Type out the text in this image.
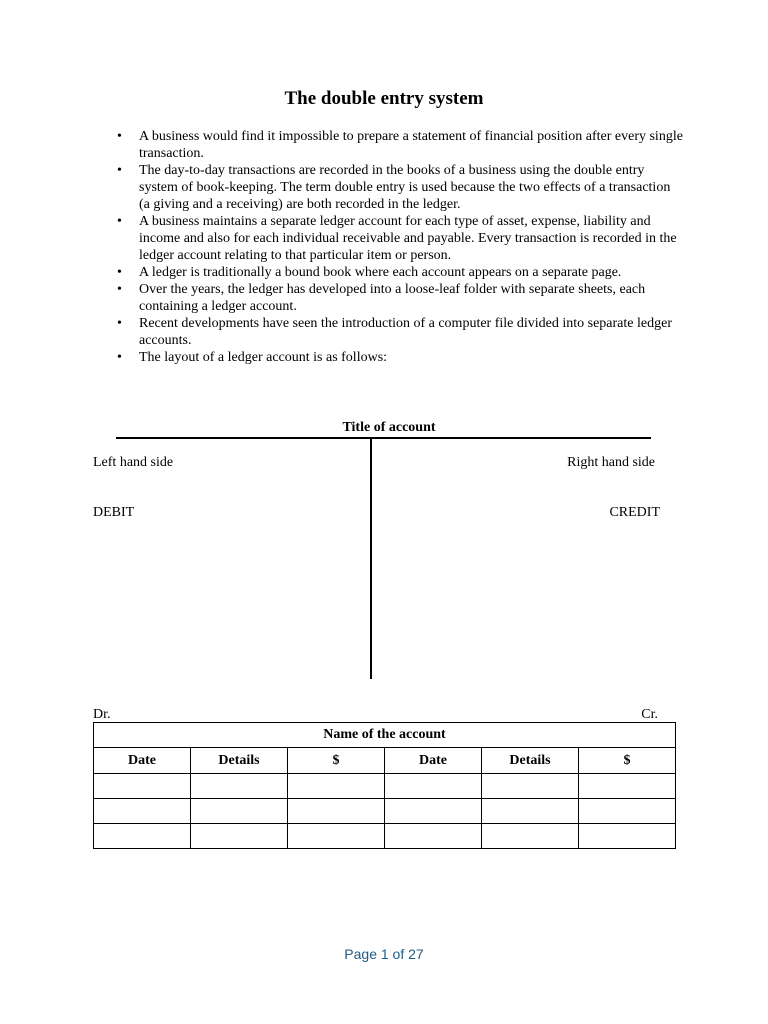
The double entry system
• A business would find it impossible to prepare a statement of financial position after every single transaction.
• The day-to-day transactions are recorded in the books of a business using the double entry system of book-keeping. The term double entry is used because the two effects of a transaction (a giving and a receiving) are both recorded in the ledger.
• A business maintains a separate ledger account for each type of asset, expense, liability and income and also for each individual receivable and payable. Every transaction is recorded in the ledger account relating to that particular item or person.
• A ledger is traditionally a bound book where each account appears on a separate page.
• Over the years, the ledger has developed into a loose-leaf folder with separate sheets, each containing a ledger account.
• Recent developments have seen the introduction of a computer file divided into separate ledger accounts.
• The layout of a ledger account is as follows:
Title of account
Left hand side	Right hand side
DEBIT	CREDIT
Dr.	Cr.
Name of the account					
Date	Details	$	Date	Details	$

Page 1 of 27
